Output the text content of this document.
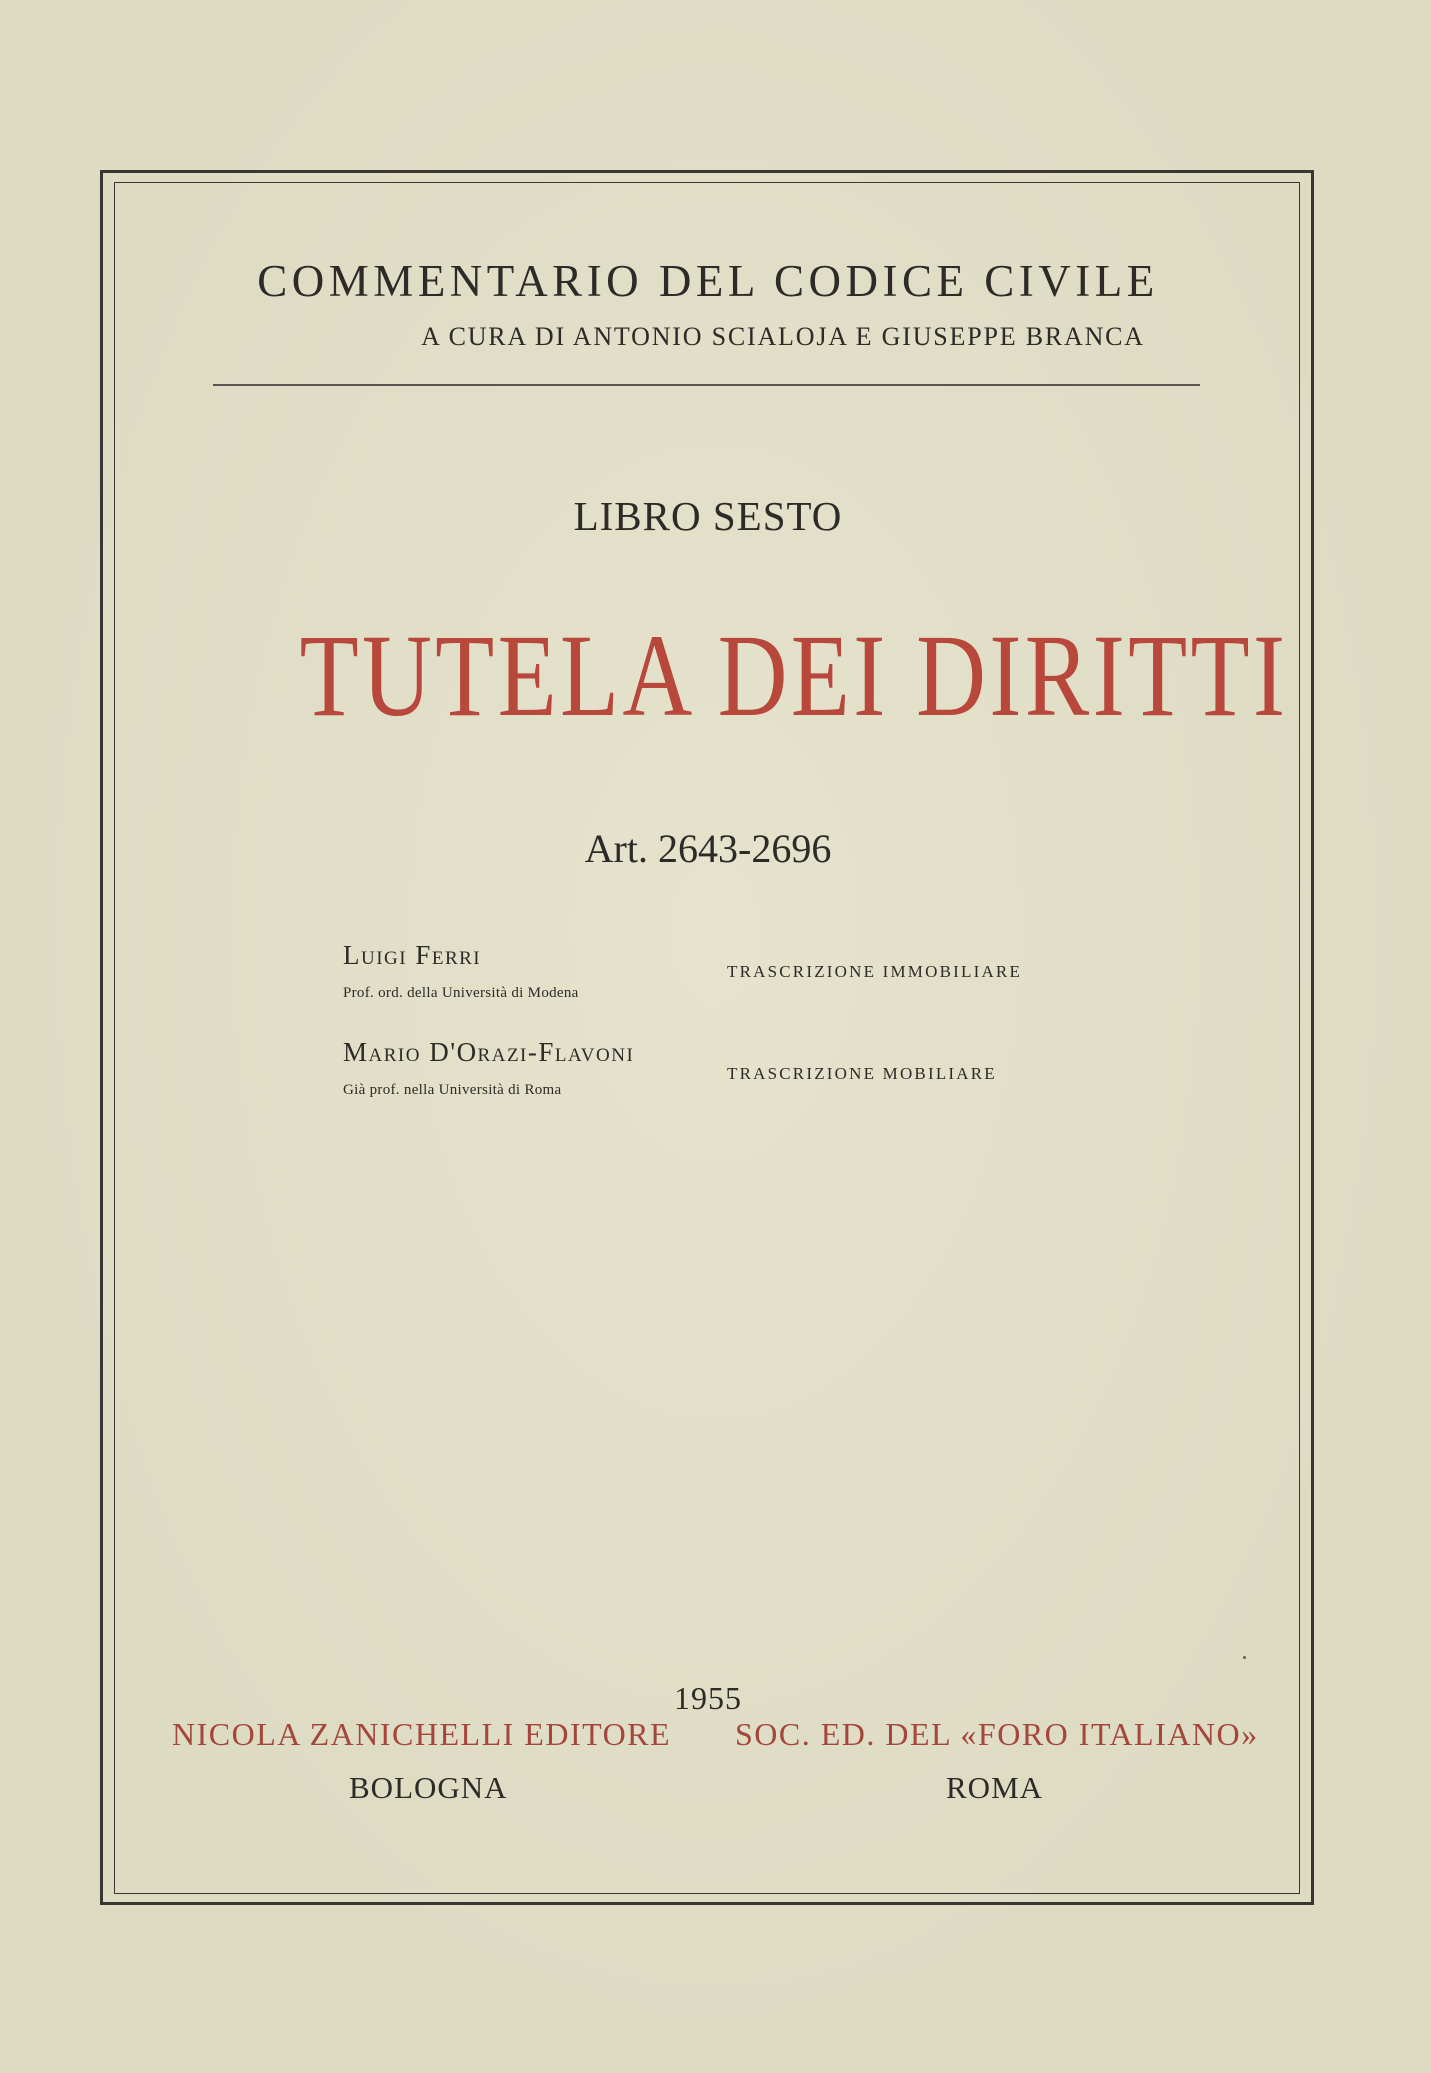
COMMENTARIO DEL CODICE CIVILE
A CURA DI ANTONIO SCIALOJA E GIUSEPPE BRANCA
LIBRO SESTO
TUTELA DEI DIRITTI
Art. 2643-2696
Luigi Ferri
Prof. ord. della Università di Modena
TRASCRIZIONE IMMOBILIARE
Mario D'Orazi-Flavoni
Già prof. nella Università di Roma
TRASCRIZIONE MOBILIARE
1955
NICOLA ZANICHELLI EDITORE SOC. ED. DEL «FORO ITALIANO»
BOLOGNA	ROMA
